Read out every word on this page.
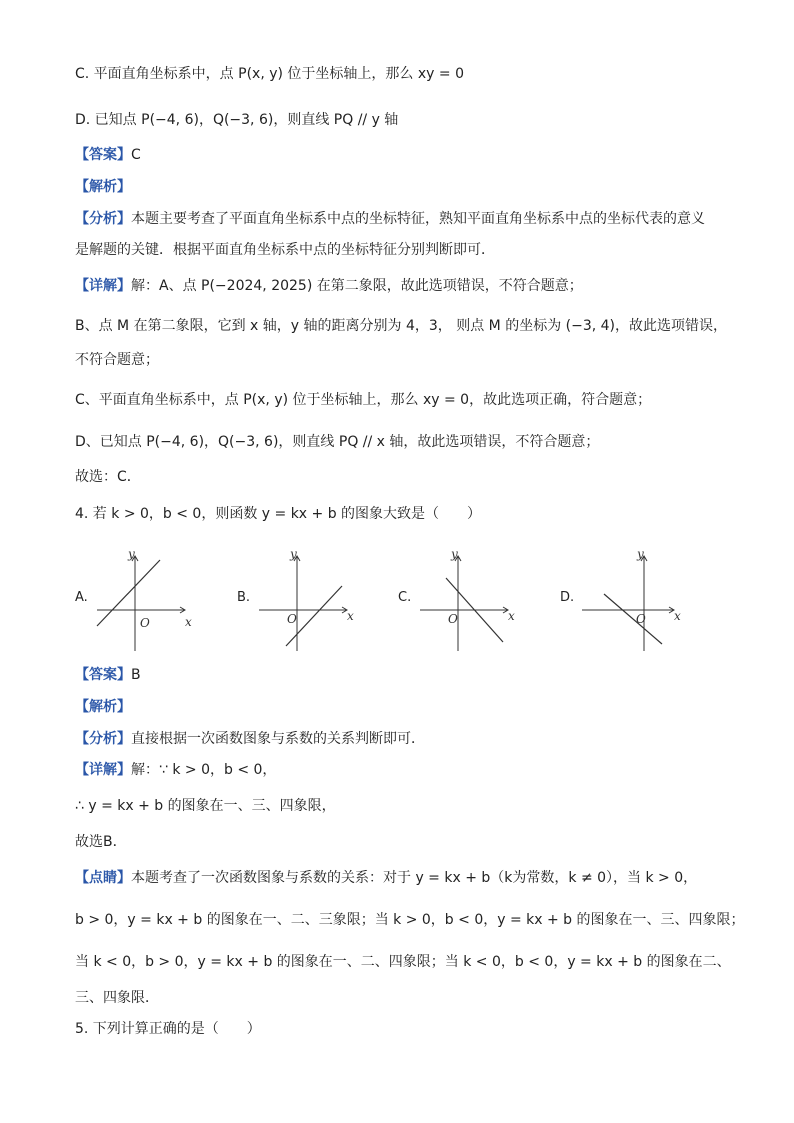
C. 平面直角坐标系中，点 P(x, y) 位于坐标轴上，那么 xy = 0
D. 已知点 P(−4, 6)，Q(−3, 6)，则直线 PQ // y 轴
【答案】C
【解析】
【分析】本题主要考查了平面直角坐标系中点的坐标特征，熟知平面直角坐标系中点的坐标代表的意义
是解题的关键．根据平面直角坐标系中点的坐标特征分别判断即可．
【详解】解：A、点 P(−2024, 2025) 在第二象限，故此选项错误，不符合题意；
B、点 M 在第二象限，它到 x 轴，y 轴的距离分别为 4，3， 则点 M 的坐标为 (−3, 4)，故此选项错误，
不符合题意；
C、平面直角坐标系中，点 P(x, y) 位于坐标轴上，那么 xy = 0，故此选项正确，符合题意；
D、已知点 P(−4, 6)，Q(−3, 6)，则直线 PQ // x 轴，故此选项错误，不符合题意；
故选：C．
4. 若 k > 0，b < 0，则函数 y = kx + b 的图象大致是（　　）
A.
x
y
O
B.
x
y
O
C.
x
y
O
D.
x
y
O
【答案】B
【解析】
【分析】直接根据一次函数图象与系数的关系判断即可．
【详解】解：∵ k > 0，b < 0，
∴ y = kx + b 的图象在一、三、四象限，
故选B．
【点睛】本题考查了一次函数图象与系数的关系：对于 y = kx + b（k为常数，k ≠ 0），当 k > 0，
b > 0，y = kx + b 的图象在一、二、三象限；当 k > 0，b < 0，y = kx + b 的图象在一、三、四象限；
当 k < 0，b > 0，y = kx + b 的图象在一、二、四象限；当 k < 0，b < 0，y = kx + b 的图象在二、
三、四象限．
5. 下列计算正确的是（　　）
